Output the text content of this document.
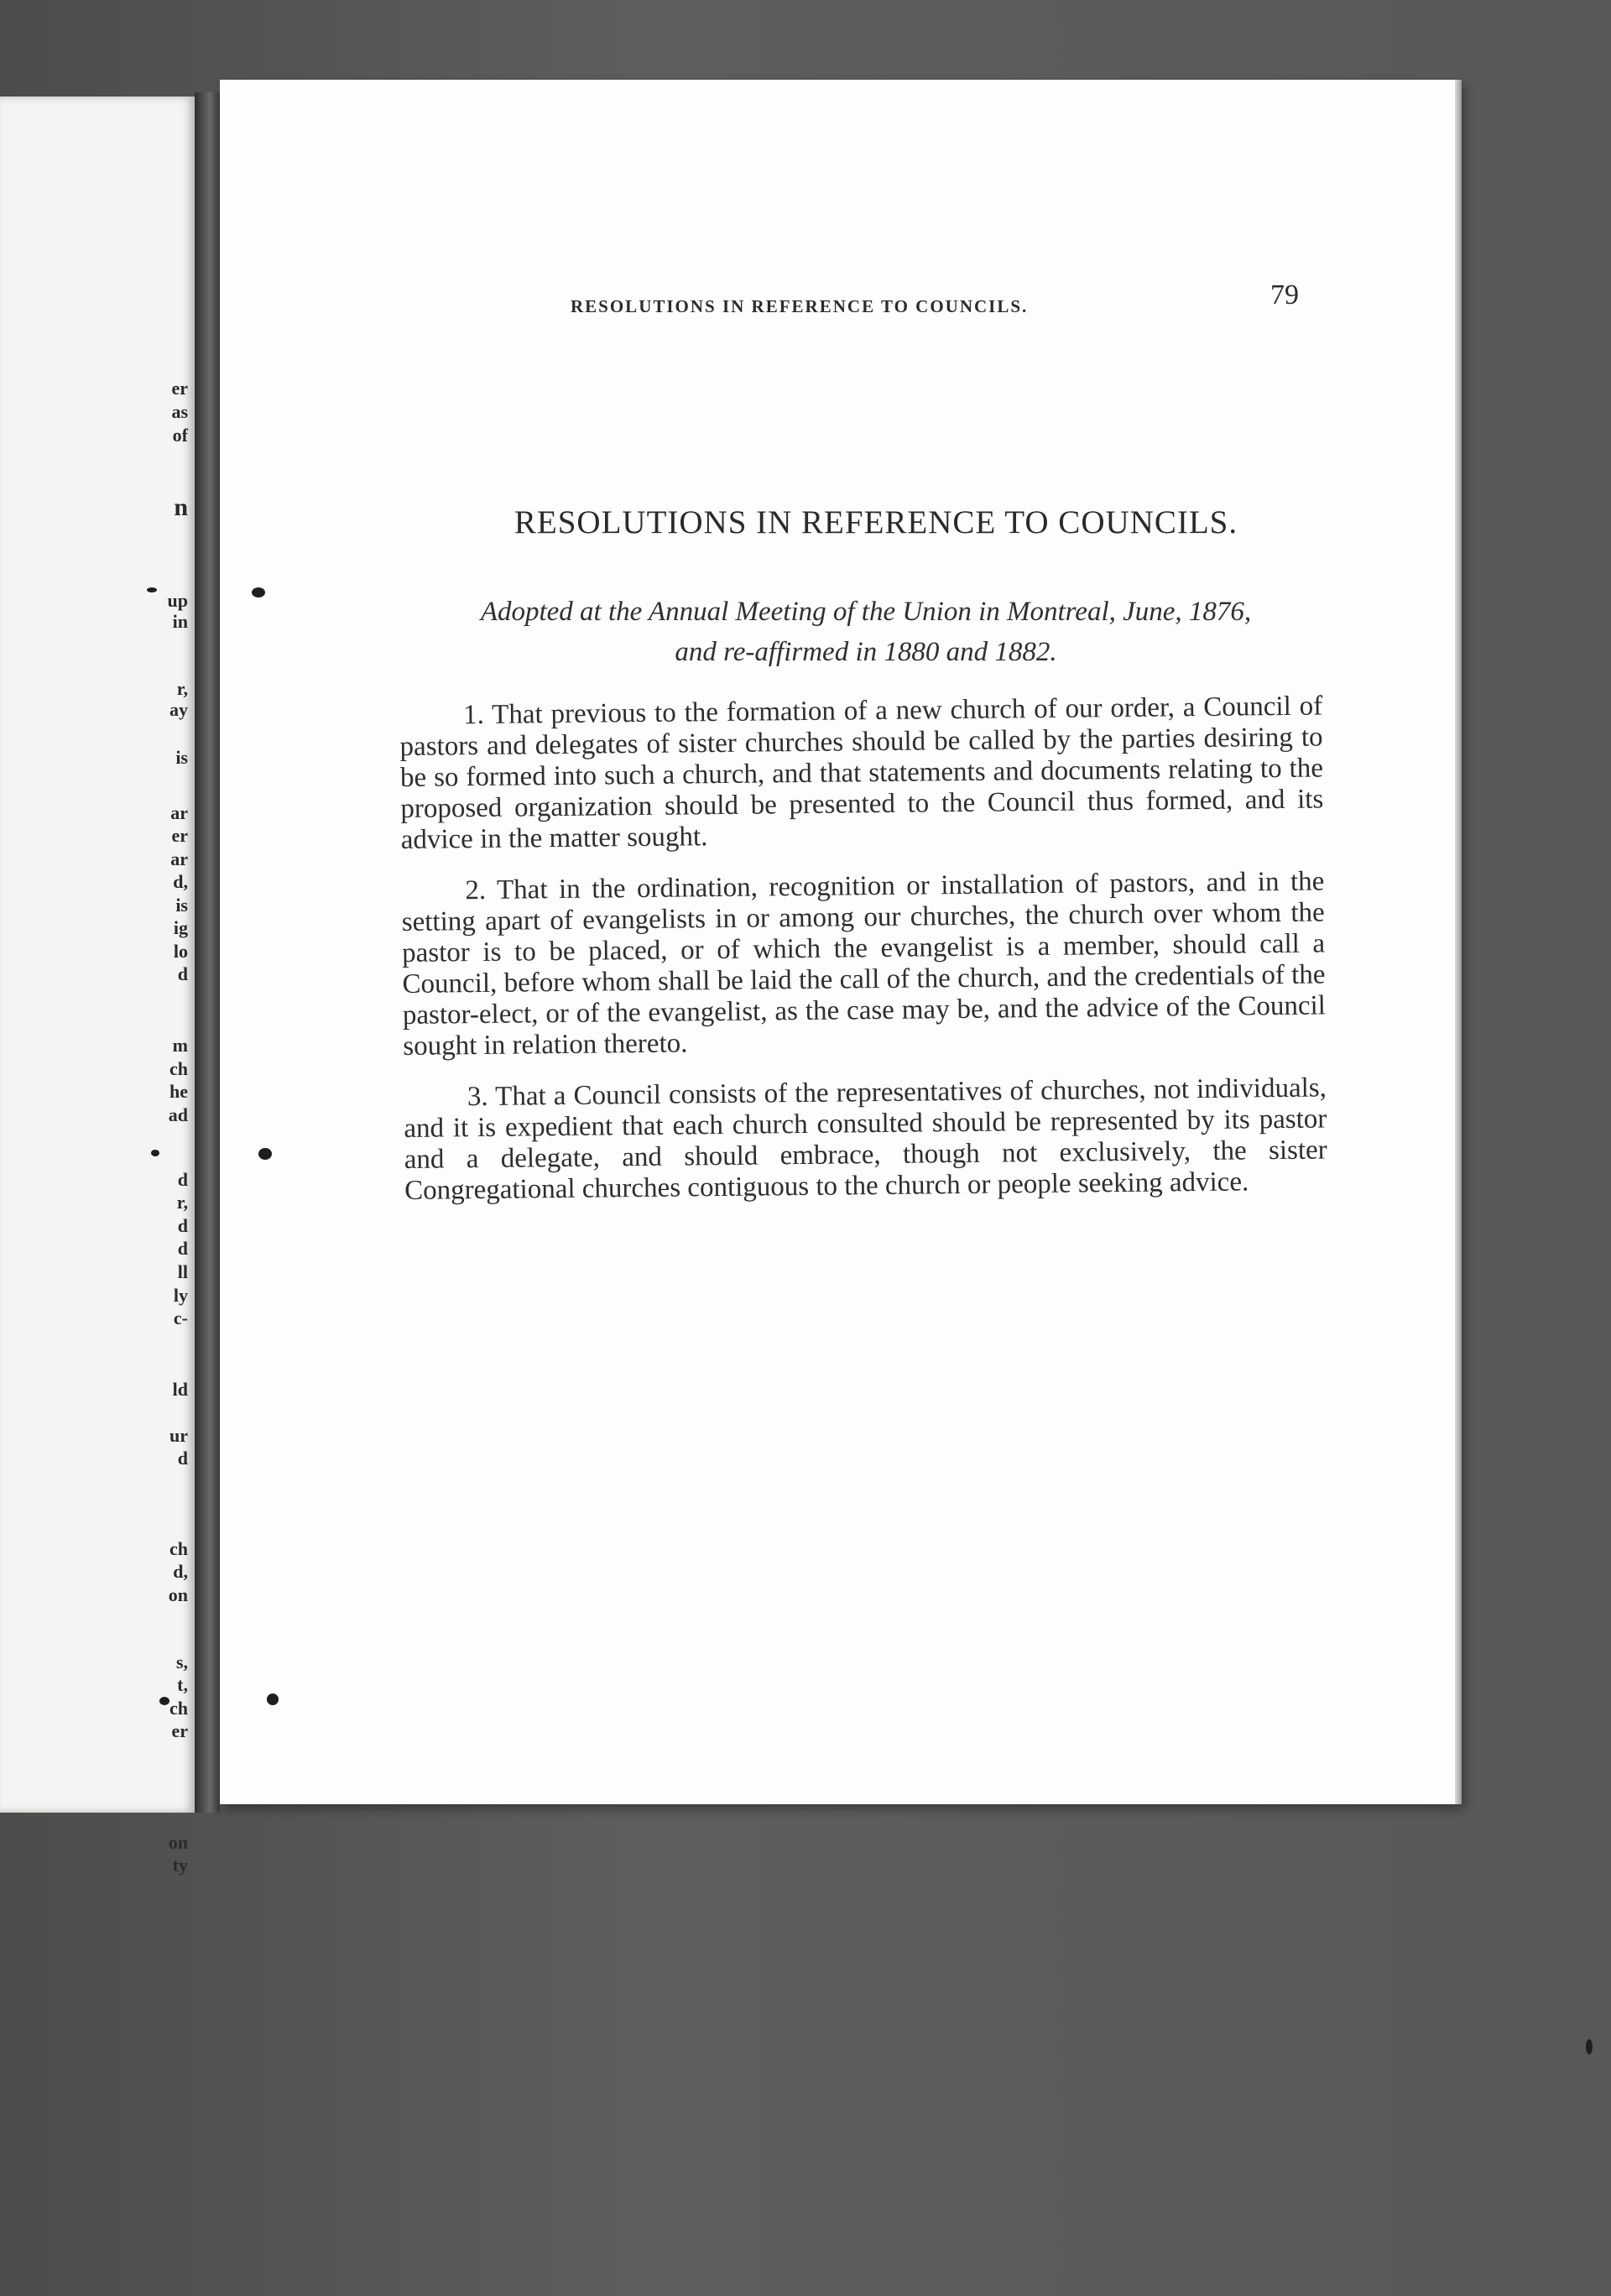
er
as
of
n
up
in
r,
ay
is
ar
er
ar
d,
is
ig
lo
d
m
ch
he
ad
d
r,
d
d
ll
ly
c-
ld
ur
d
ch
d,
on
s,
t,
ch
er
on
ty
RESOLUTIONS IN REFERENCE TO COUNCILS.	79
RESOLUTIONS IN REFERENCE TO COUNCILS.
Adopted at the Annual Meeting of the Union in Montreal, June, 1876,
and re-affirmed in 1880 and 1882.

1. That previous to the formation of a new church of our order, a Council of pastors and delegates of sister churches should be called by the parties desiring to be so formed into such a church, and that statements and documents relating to the proposed organization should be presented to the Council thus formed, and its advice in the matter sought.

2. That in the ordination, recognition or installation of pastors, and in the setting apart of evangelists in or among our churches, the church over whom the pastor is to be placed, or of which the evangelist is a member, should call a Council, before whom shall be laid the call of the church, and the credentials of the pastor-elect, or of the evangelist, as the case may be, and the advice of the Council sought in relation thereto.

3. That a Council consists of the representatives of churches, not individuals, and it is expedient that each church consulted should be represented by its pastor and a delegate, and should embrace, though not exclusively, the sister Congregational churches contiguous to the church or people seeking advice.
